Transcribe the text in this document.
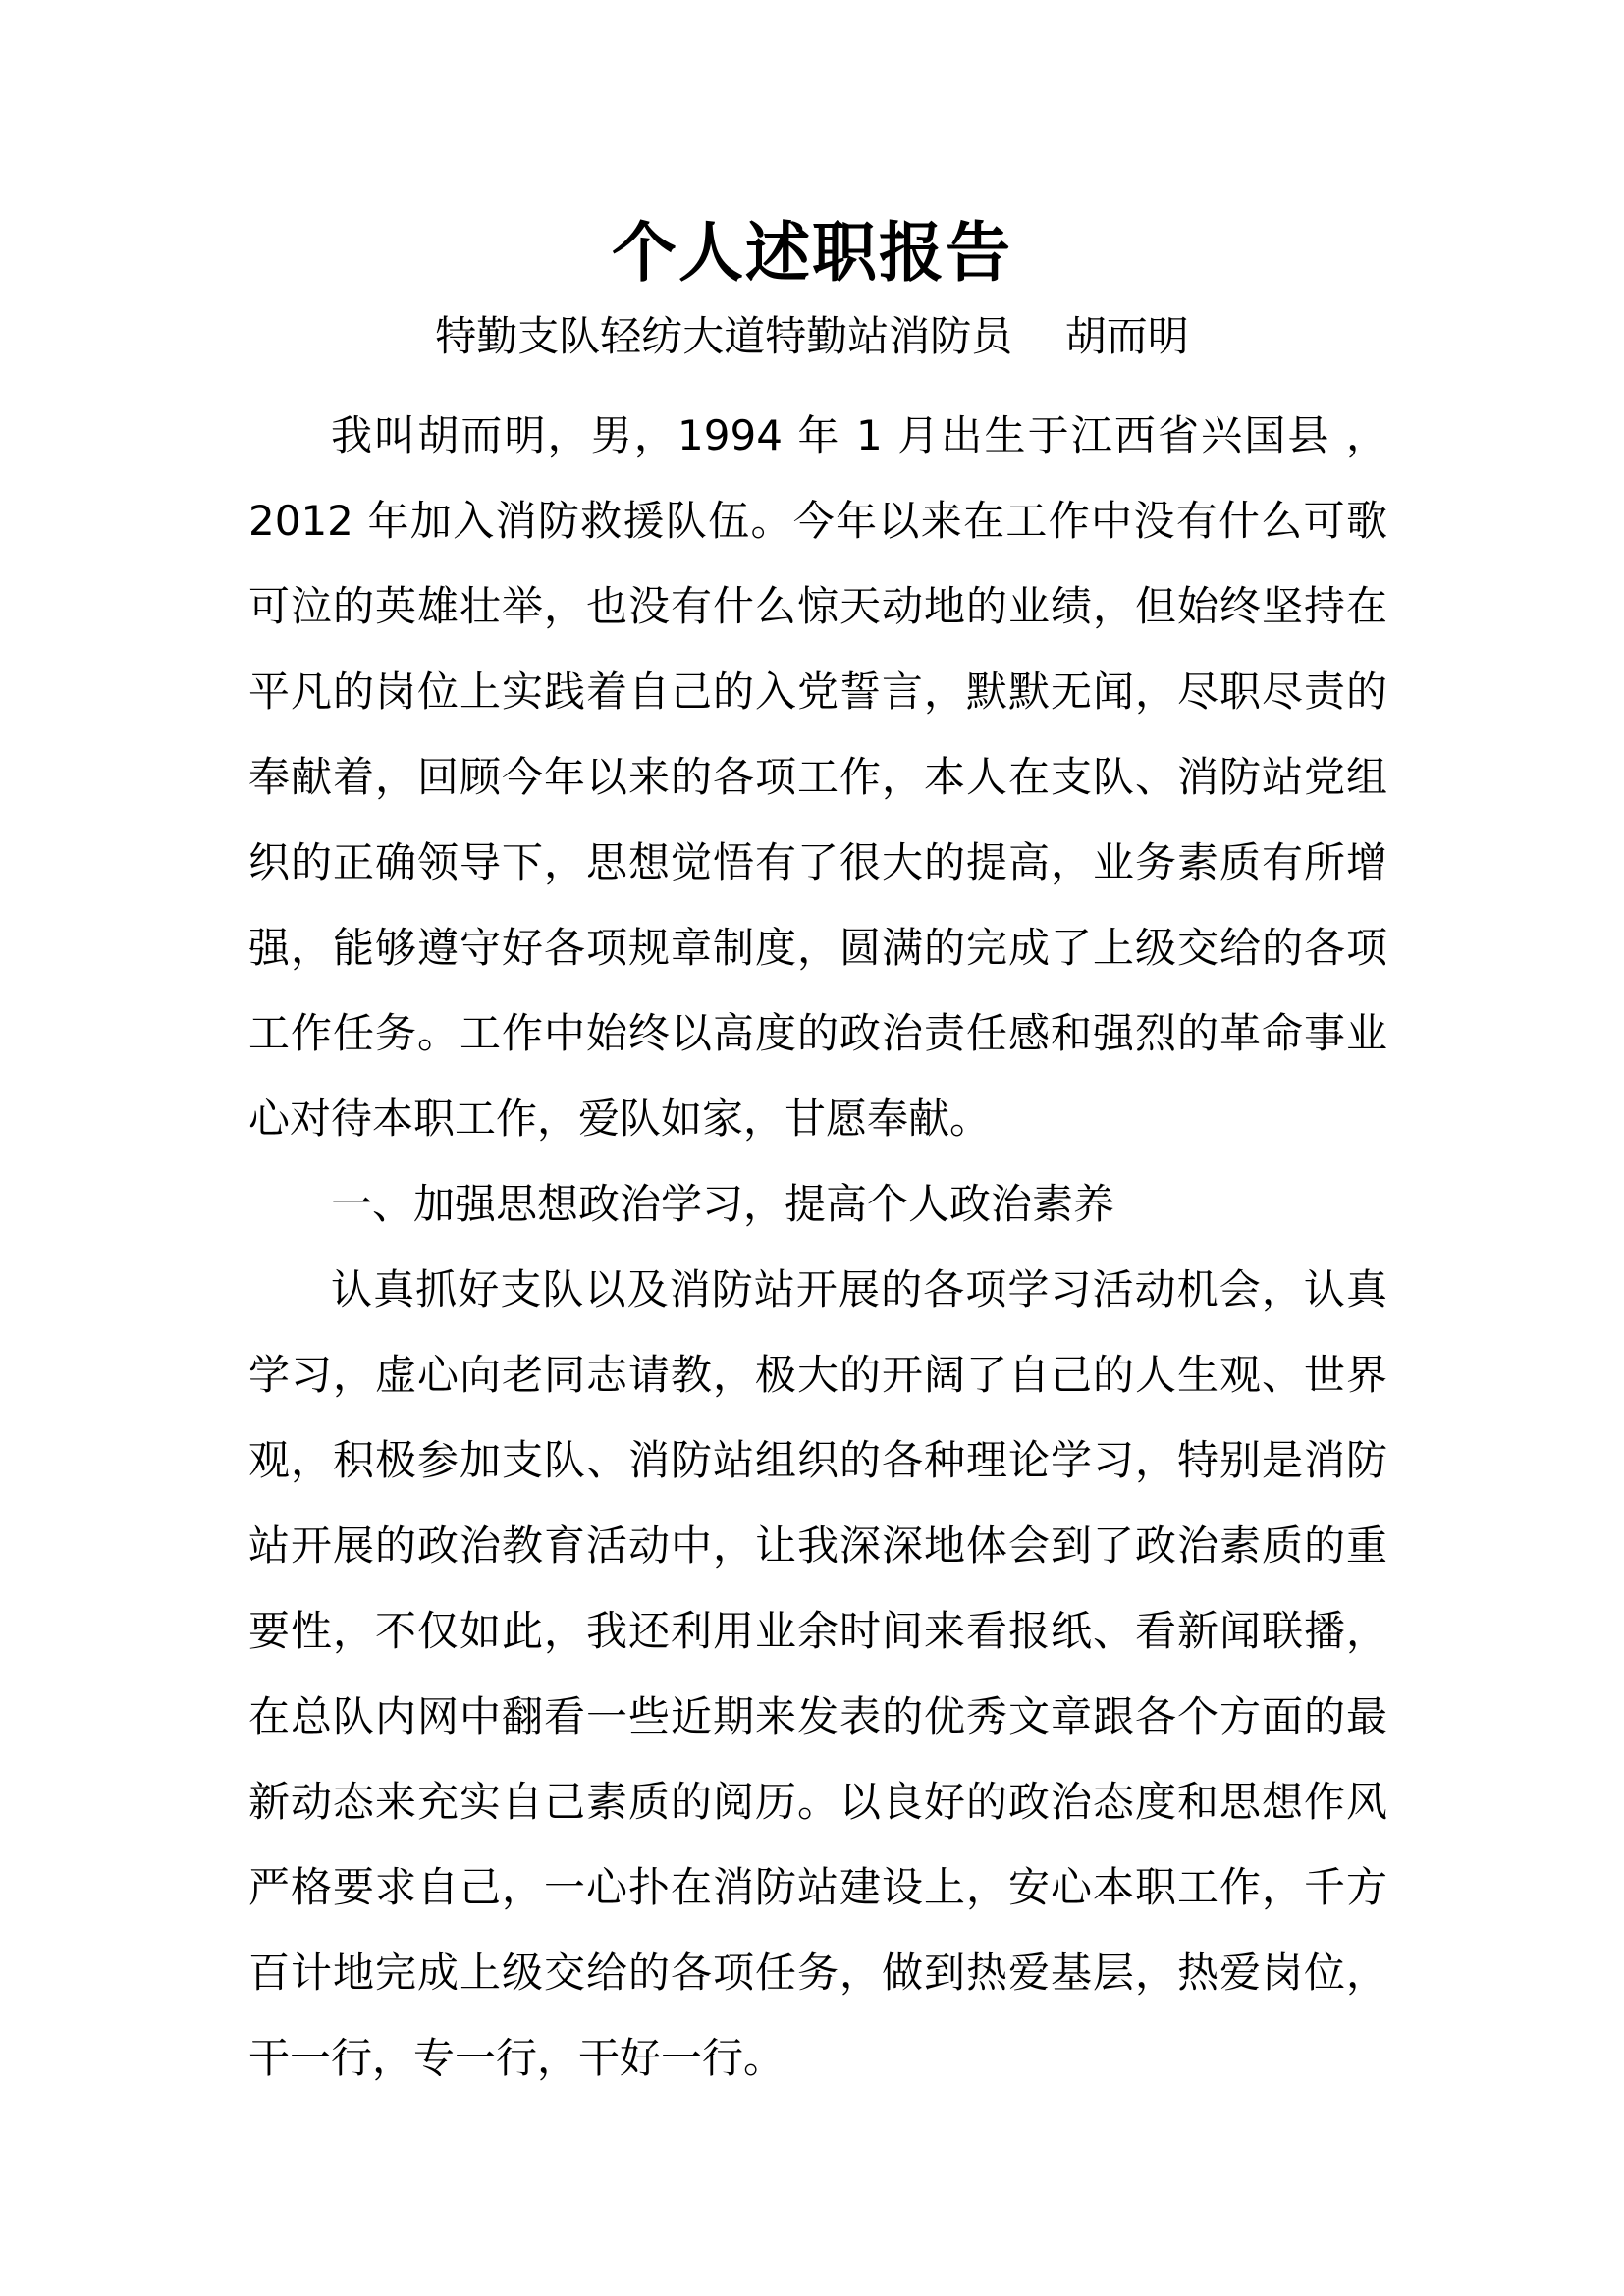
个人述职报告
特勤支队轻纺大道特勤站消防员    胡而明

我叫胡而明，男，1994 年 1 月出生于江西省兴国县 ，2012 年加入消防救援队伍。今年以来在工作中没有什么可歌可泣的英雄壮举，也没有什么惊天动地的业绩，但始终坚持在平凡的岗位上实践着自己的入党誓言，默默无闻，尽职尽责的奉献着，回顾今年以来的各项工作，本人在支队、消防站党组织的正确领导下，思想觉悟有了很大的提高，业务素质有所增强，能够遵守好各项规章制度，圆满的完成了上级交给的各项工作任务。工作中始终以高度的政治责任感和强烈的革命事业心对待本职工作，爱队如家，甘愿奉献。

一、加强思想政治学习，提高个人政治素养

认真抓好支队以及消防站开展的各项学习活动机会，认真学习，虚心向老同志请教，极大的开阔了自己的人生观、世界观，积极参加支队、消防站组织的各种理论学习，特别是消防站开展的政治教育活动中，让我深深地体会到了政治素质的重要性，不仅如此，我还利用业余时间来看报纸、看新闻联播，在总队内网中翻看一些近期来发表的优秀文章跟各个方面的最新动态来充实自己素质的阅历。以良好的政治态度和思想作风严格要求自己，一心扑在消防站建设上，安心本职工作，千方百计地完成上级交给的各项任务，做到热爱基层，热爱岗位，干一行，专一行，干好一行。
